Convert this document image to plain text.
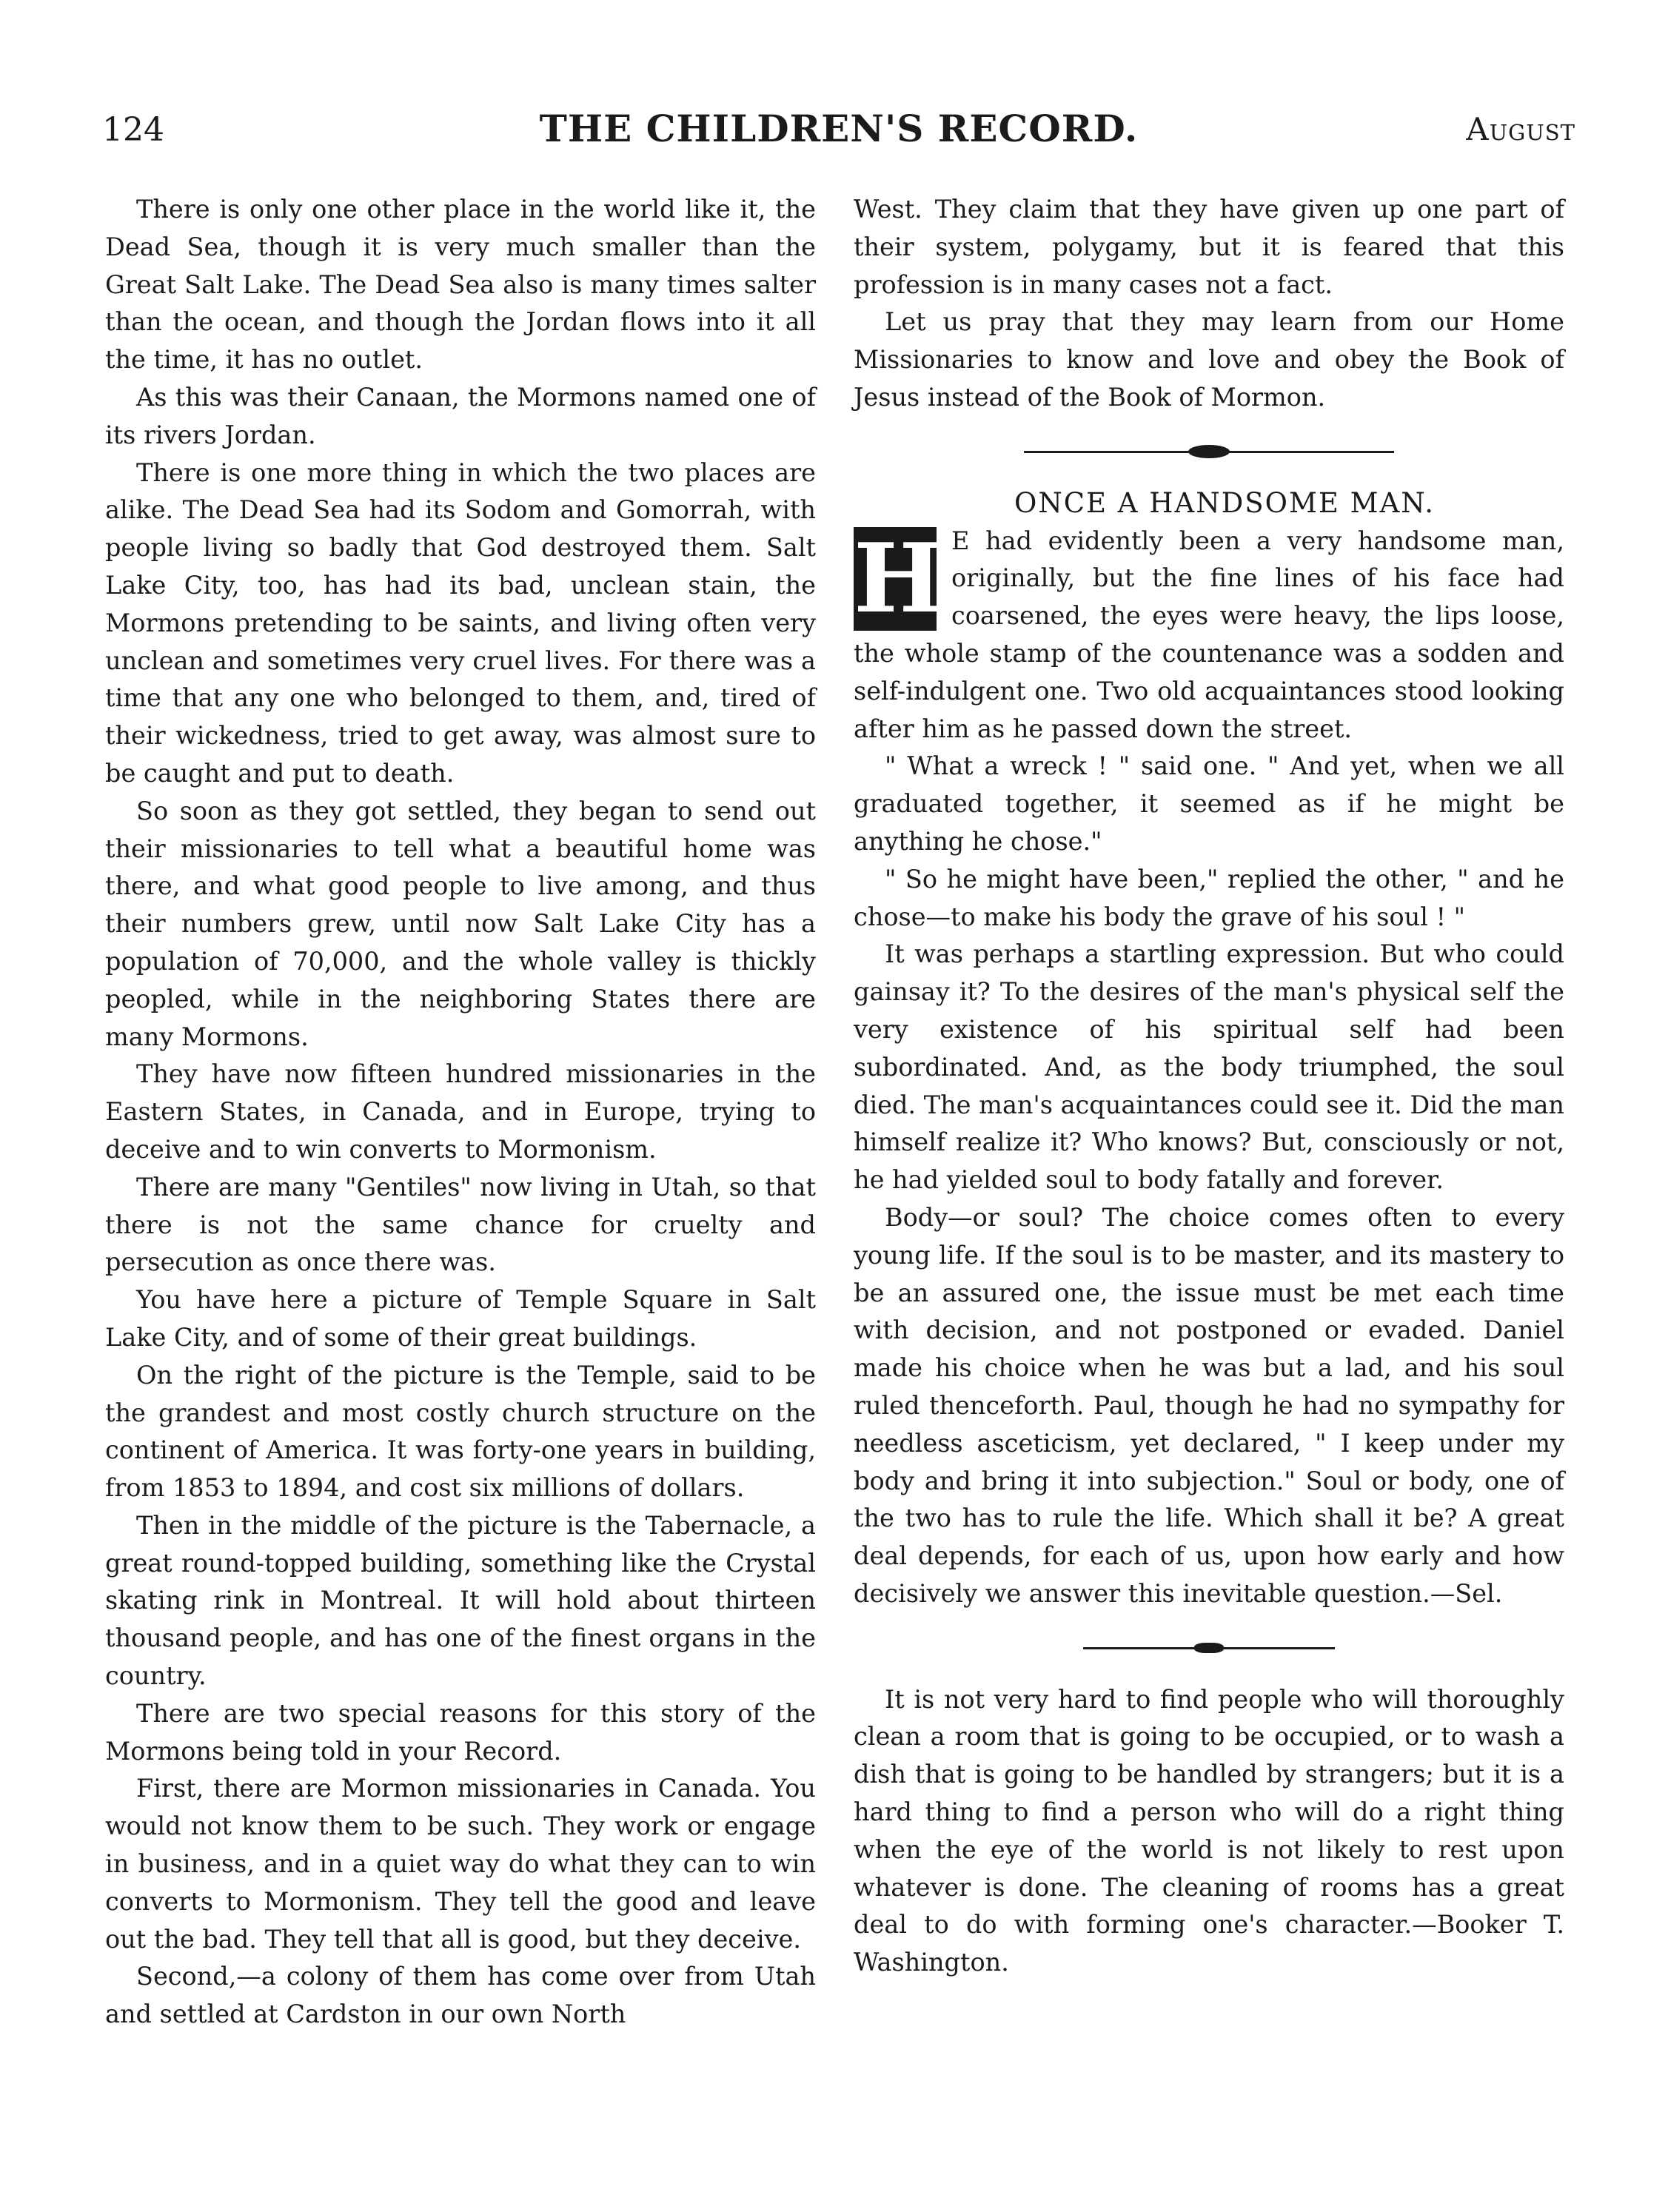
124	THE CHILDREN'S RECORD.	August

There is only one other place in the world like it, the Dead Sea, though it is very much smaller than the Great Salt Lake. The Dead Sea also is many times salter than the ocean, and though the Jordan flows into it all the time, it has no outlet.

As this was their Canaan, the Mormons named one of its rivers Jordan.

There is one more thing in which the two places are alike. The Dead Sea had its Sodom and Gomorrah, with people living so badly that God destroyed them. Salt Lake City, too, has had its bad, unclean stain, the Mormons pretending to be saints, and living often very unclean and sometimes very cruel lives. For there was a time that any one who belonged to them, and, tired of their wickedness, tried to get away, was almost sure to be caught and put to death.

So soon as they got settled, they began to send out their missionaries to tell what a beautiful home was there, and what good people to live among, and thus their numbers grew, until now Salt Lake City has a population of 70,000, and the whole valley is thickly peopled, while in the neighboring States there are many Mormons.

They have now fifteen hundred missionaries in the Eastern States, in Canada, and in Europe, trying to deceive and to win converts to Mormonism.

There are many "Gentiles" now living in Utah, so that there is not the same chance for cruelty and persecution as once there was.

You have here a picture of Temple Square in Salt Lake City, and of some of their great buildings.

On the right of the picture is the Temple, said to be the grandest and most costly church structure on the continent of America. It was forty-one years in building, from 1853 to 1894, and cost six millions of dollars.

Then in the middle of the picture is the Tabernacle, a great round-topped building, something like the Crystal skating rink in Montreal. It will hold about thirteen thousand people, and has one of the finest organs in the country.

There are two special reasons for this story of the Mormons being told in your Record.

First, there are Mormon missionaries in Canada. You would not know them to be such. They work or engage in business, and in a quiet way do what they can to win converts to Mormonism. They tell the good and leave out the bad. They tell that all is good, but they deceive.

Second,—a colony of them has come over from Utah and settled at Cardston in our own North

West. They claim that they have given up one part of their system, polygamy, but it is feared that this profession is in many cases not a fact.

Let us pray that they may learn from our Home Missionaries to know and love and obey the Book of Jesus instead of the Book of Mormon.

ONCE A HANDSOME MAN.

H E had evidently been a very handsome man, originally, but the fine lines of his face had coarsened, the eyes were heavy, the lips loose, the whole stamp of the countenance was a sodden and self-indulgent one. Two old acquaintances stood looking after him as he passed down the street.

" What a wreck ! " said one. " And yet, when we all graduated together, it seemed as if he might be anything he chose."

" So he might have been," replied the other, " and he chose—to make his body the grave of his soul ! "

It was perhaps a startling expression. But who could gainsay it? To the desires of the man's physical self the very existence of his spiritual self had been subordinated. And, as the body triumphed, the soul died. The man's acquaintances could see it. Did the man himself realize it? Who knows? But, consciously or not, he had yielded soul to body fatally and forever.

Body—or soul? The choice comes often to every young life. If the soul is to be master, and its mastery to be an assured one, the issue must be met each time with decision, and not postponed or evaded. Daniel made his choice when he was but a lad, and his soul ruled thenceforth. Paul, though he had no sympathy for needless asceticism, yet declared, " I keep under my body and bring it into subjection." Soul or body, one of the two has to rule the life. Which shall it be? A great deal depends, for each of us, upon how early and how decisively we answer this inevitable question.—Sel.

It is not very hard to find people who will thoroughly clean a room that is going to be occupied, or to wash a dish that is going to be handled by strangers; but it is a hard thing to find a person who will do a right thing when the eye of the world is not likely to rest upon whatever is done. The cleaning of rooms has a great deal to do with forming one's character.—Booker T. Washington.
